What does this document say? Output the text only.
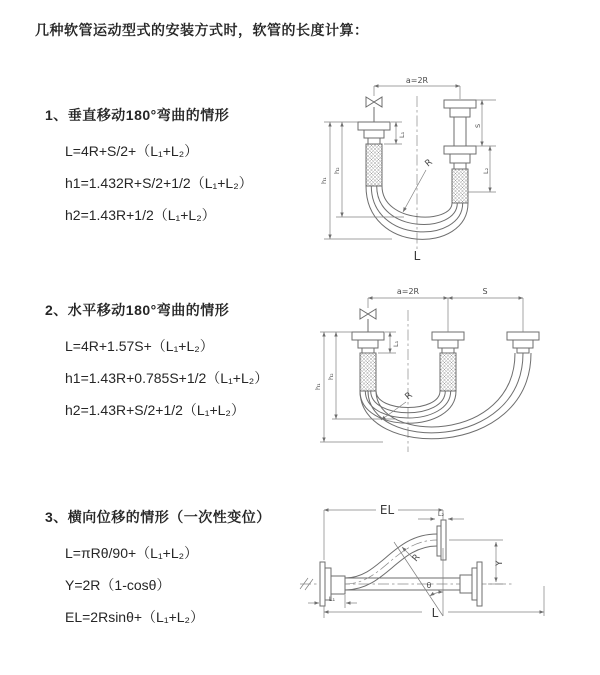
几种软管运动型式的安装方式时，软管的长度计算：
1、垂直移动180°弯曲的情形
L=4R+S/2+（L₁+L₂）
h1=1.432R+S/2+1/2（L₁+L₂）
h2=1.43R+1/2（L₁+L₂）
a=2R
h₁
h₂
L₁
S
L₂
R
L
2、水平移动180°弯曲的情形
L=4R+1.57S+（L₁+L₂）
h1=1.43R+0.785S+1/2（L₁+L₂）
h2=1.43R+S/2+1/2（L₁+L₂）
a=2R	S
h₁
h₂
L₁
R
3、横向位移的情形（一次性变位）
L=πRθ/90+（L₁+L₂）
Y=2R（1-cosθ）
EL=2Rsinθ+（L₁+L₂）
θ
R
EL	L₂
Y
L
L₁
